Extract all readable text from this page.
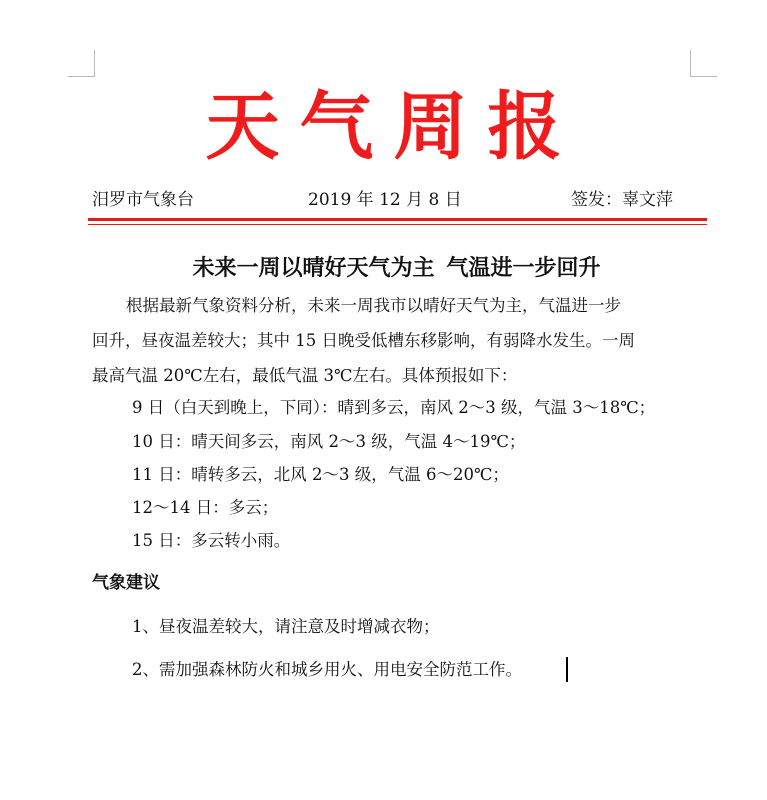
天 气 周 报
汨罗市气象台	2019 年 12 月 8 日	签发：辜文萍
未来一周以晴好天气为主 气温进一步回升
根据最新气象资料分析，未来一周我市以晴好天气为主，气温进一步
回升，昼夜温差较大；其中 15 日晚受低槽东移影响，有弱降水发生。一周
最高气温 20℃左右，最低气温 3℃左右。具体预报如下：
9 日（白天到晚上，下同）：晴到多云，南风 2～3 级，气温 3～18℃；
10 日：晴天间多云，南风 2～3 级，气温 4～19℃；
11 日：晴转多云，北风 2～3 级，气温 6～20℃；
12～14 日：多云；
15 日：多云转小雨。
气象建议
1、昼夜温差较大，请注意及时增减衣物；
2、需加强森林防火和城乡用火、用电安全防范工作。
